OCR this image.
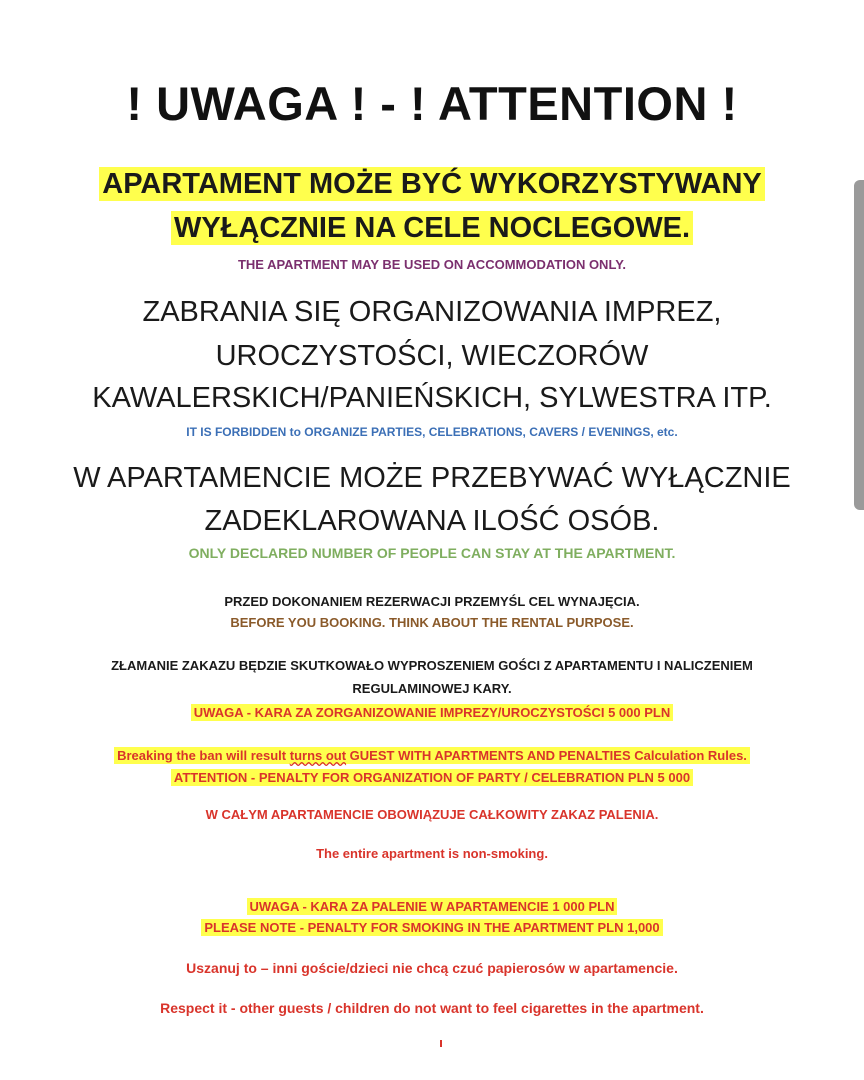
! UWAGA ! - ! ATTENTION !
APARTAMENT MOŻE BYĆ WYKORZYSTYWANY
WYŁĄCZNIE NA CELE NOCLEGOWE.
THE APARTMENT MAY BE USED ON ACCOMMODATION ONLY.
ZABRANIA SIĘ ORGANIZOWANIA IMPREZ,
UROCZYSTOŚCI, WIECZORÓW
KAWALERSKICH/PANIEŃSKICH, SYLWESTRA ITP.
IT IS FORBIDDEN to ORGANIZE PARTIES, CELEBRATIONS, CAVERS / EVENINGS, etc.
W APARTAMENCIE MOŻE PRZEBYWAĆ WYŁĄCZNIE
ZADEKLAROWANA ILOŚĆ OSÓB.
ONLY DECLARED NUMBER OF PEOPLE CAN STAY AT THE APARTMENT.
PRZED DOKONANIEM REZERWACJI PRZEMYŚL CEL WYNAJĘCIA.
BEFORE YOU BOOKING. THINK ABOUT THE RENTAL PURPOSE.
ZŁAMANIE ZAKAZU BĘDZIE SKUTKOWAŁO WYPROSZENIEM GOŚCI Z APARTAMENTU I NALICZENIEM
REGULAMINOWEJ KARY.
UWAGA - KARA ZA ZORGANIZOWANIE IMPREZY/UROCZYSTOŚCI 5 000 PLN
Breaking the ban will result turns out GUEST WITH APARTMENTS AND PENALTIES Calculation Rules.
ATTENTION - PENALTY FOR ORGANIZATION OF PARTY / CELEBRATION PLN 5 000
W CAŁYM APARTAMENCIE OBOWIĄZUJE CAŁKOWITY ZAKAZ PALENIA.
The entire apartment is non-smoking.
UWAGA - KARA ZA PALENIE W APARTAMENCIE 1 000 PLN
PLEASE NOTE - PENALTY FOR SMOKING IN THE APARTMENT PLN 1,000
Uszanuj to – inni goście/dzieci nie chcą czuć papierosów w apartamencie.
Respect it - other guests / children do not want to feel cigarettes in the apartment.
